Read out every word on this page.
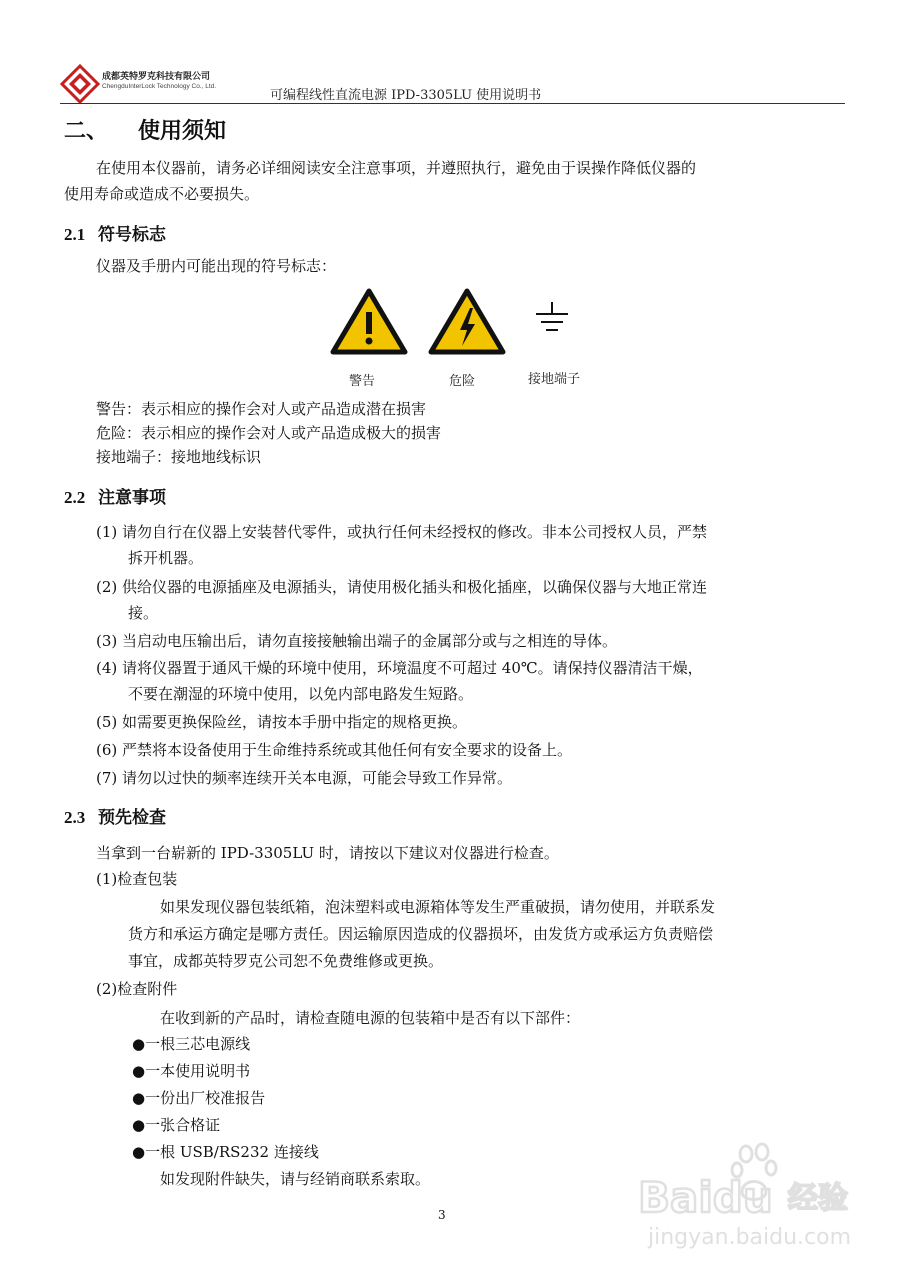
成都英特罗克科技有限公司
ChengduInterLock Technology Co., Ltd.
可编程线性直流电源 IPD-3305LU 使用说明书
二、 使用须知
在使用本仪器前，请务必详细阅读安全注意事项，并遵照执行，避免由于误操作降低仪器的
使用寿命或造成不必要损失。
2.1 符号标志
仪器及手册内可能出现的符号标志：
警告	危险	接地端子
警告：表示相应的操作会对人或产品造成潜在损害
危险：表示相应的操作会对人或产品造成极大的损害
接地端子：接地地线标识
2.2 注意事项
(1) 请勿自行在仪器上安装替代零件，或执行任何未经授权的修改。非本公司授权人员，严禁
拆开机器。
(2) 供给仪器的电源插座及电源插头，请使用极化插头和极化插座，以确保仪器与大地正常连
接。
(3) 当启动电压输出后，请勿直接接触输出端子的金属部分或与之相连的导体。
(4) 请将仪器置于通风干燥的环境中使用，环境温度不可超过 40℃。请保持仪器清洁干燥，
不要在潮湿的环境中使用，以免内部电路发生短路。
(5) 如需要更换保险丝，请按本手册中指定的规格更换。
(6) 严禁将本设备使用于生命维持系统或其他任何有安全要求的设备上。
(7) 请勿以过快的频率连续开关本电源，可能会导致工作异常。
2.3 预先检查
当拿到一台崭新的 IPD-3305LU 时，请按以下建议对仪器进行检查。
(1)检查包装
如果发现仪器包装纸箱，泡沫塑料或电源箱体等发生严重破损，请勿使用，并联系发
货方和承运方确定是哪方责任。因运输原因造成的仪器损坏，由发货方或承运方负责赔偿
事宜，成都英特罗克公司恕不免费维修或更换。
(2)检查附件
在收到新的产品时，请检查随电源的包装箱中是否有以下部件：
●一根三芯电源线
●一本使用说明书
●一份出厂校准报告
●一张合格证
●一根 USB/RS232 连接线
如发现附件缺失，请与经销商联系索取。
3	Baidu 经验
jingyan.baidu.com
